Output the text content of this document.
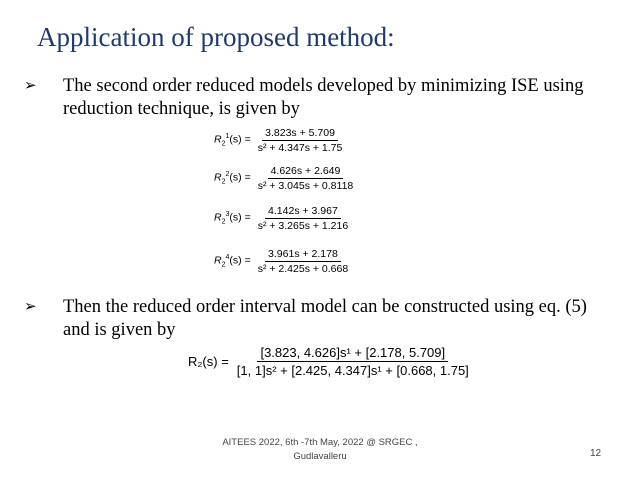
Application of proposed method:
➢	The second order reduced models developed by minimizing ISE using reduction technique, is given by
$R_2^1(s) = \frac{3.823s + 5.709}{\text{s² + 4.347s + 1.75}}$
$R_2^2(s) = \frac{4.626s + 2.649}{\text{s² + 3.045s + 0.8118}}$
$R_2^3(s) = \frac{4.142s + 3.967}{\text{s² + 3.265s + 1.216}}$
$R_2^4(s) = \frac{3.961s + 2.178}{\text{s² + 2.425s + 0.668}}$
➢	Then the reduced order interval model can be constructed using eq. (5) and is given by
$R_2(s) = \frac{\text{[3.823, 4.626]s¹ + [2.178, 5.709]}}{\text{[1, 1]s² + [2.425, 4.347]s¹ + [0.668, 1.75]}}$
AITEES 2022, 6th -7th May, 2022 @ SRGEC , Gudlavalleru	12
